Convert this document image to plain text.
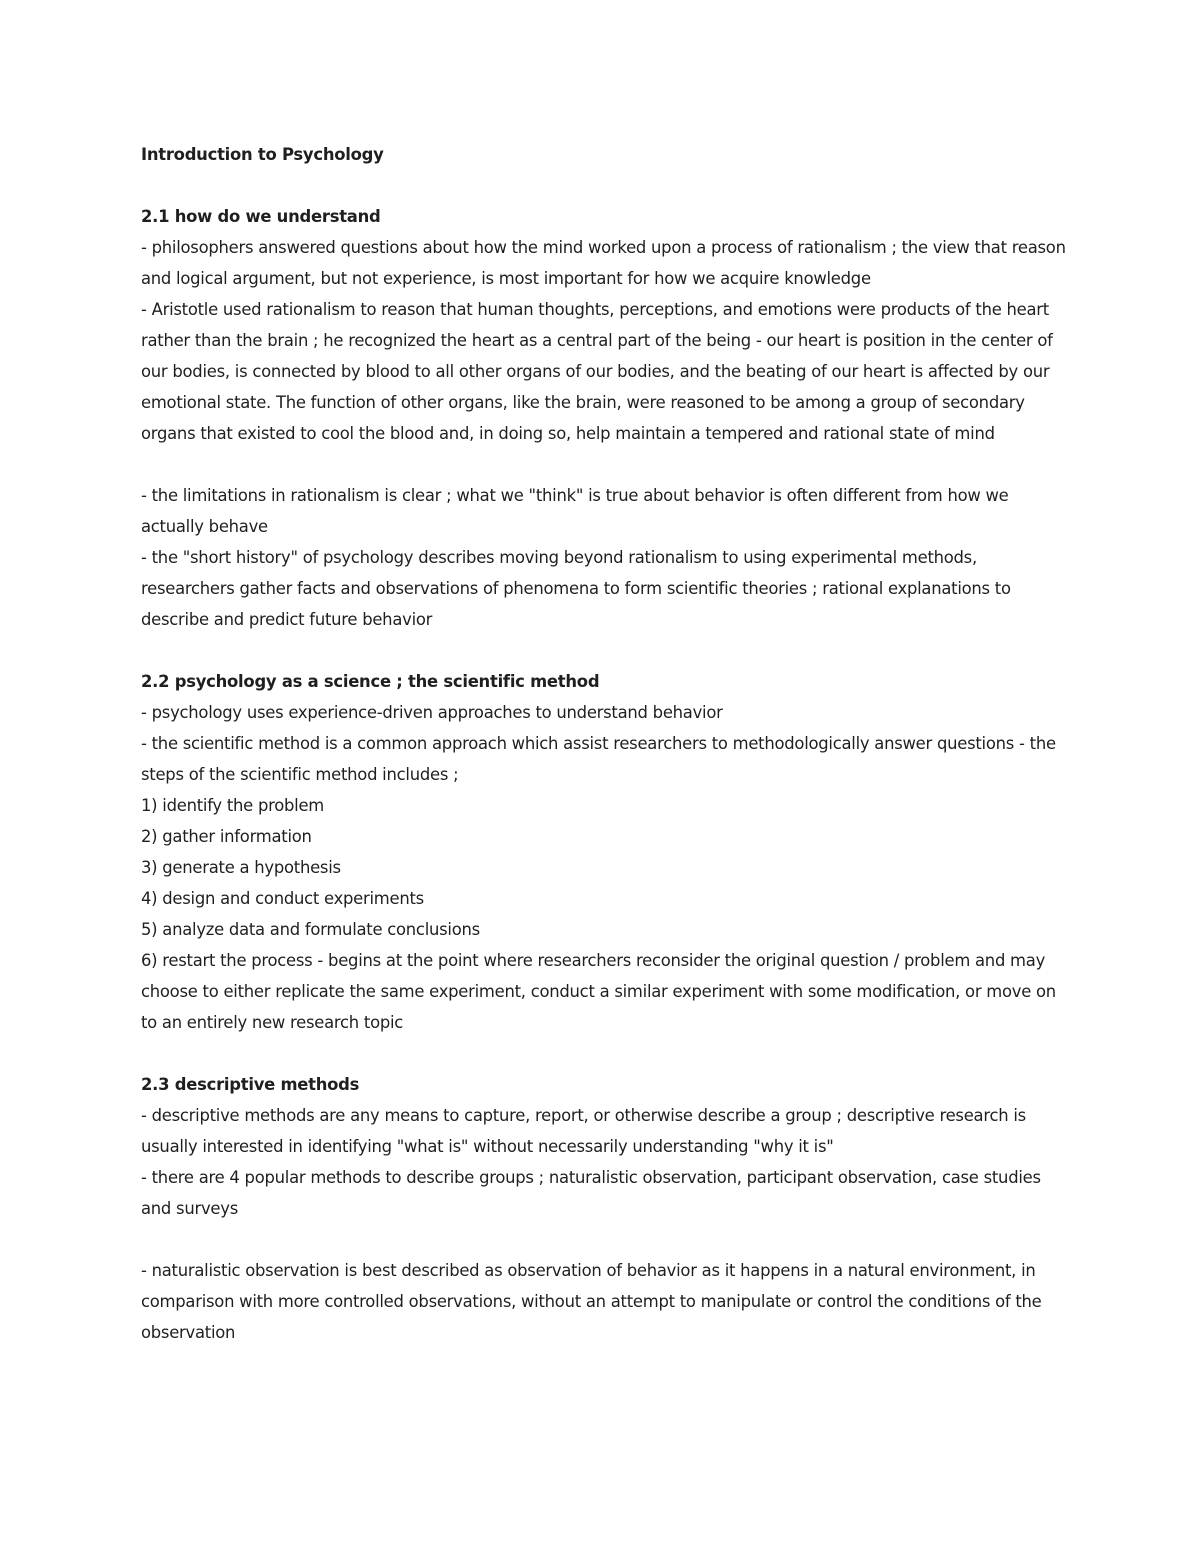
Introduction to Psychology
2.1 how do we understand

- philosophers answered questions about how the mind worked upon a process of rationalism ; the view that reason and logical argument, but not experience, is most important for how we acquire knowledge

- Aristotle used rationalism to reason that human thoughts, perceptions, and emotions were products of the heart rather than the brain ; he recognized the heart as a central part of the being - our heart is position in the center of our bodies, is connected by blood to all other organs of our bodies, and the beating of our heart is affected by our emotional state. The function of other organs, like the brain, were reasoned to be among a group of secondary organs that existed to cool the blood and, in doing so, help maintain a tempered and rational state of mind

- the limitations in rationalism is clear ; what we "think" is true about behavior is often different from how we actually behave

- the "short history" of psychology describes moving beyond rationalism to using experimental methods, researchers gather facts and observations of phenomena to form scientific theories ; rational explanations to describe and predict future behavior

2.2 psychology as a science ; the scientific method

- psychology uses experience-driven approaches to understand behavior

- the scientific method is a common approach which assist researchers to methodologically answer questions - the steps of the scientific method includes ;

1) identify the problem

2) gather information

3) generate a hypothesis

4) design and conduct experiments

5) analyze data and formulate conclusions

6) restart the process - begins at the point where researchers reconsider the original question / problem and may choose to either replicate the same experiment, conduct a similar experiment with some modification, or move on to an entirely new research topic

2.3 descriptive methods

- descriptive methods are any means to capture, report, or otherwise describe a group ; descriptive research is usually interested in identifying "what is" without necessarily understanding "why it is"

- there are 4 popular methods to describe groups ; naturalistic observation, participant observation, case studies and surveys

- naturalistic observation is best described as observation of behavior as it happens in a natural environment, in comparison with more controlled observations, without an attempt to manipulate or control the conditions of the observation
